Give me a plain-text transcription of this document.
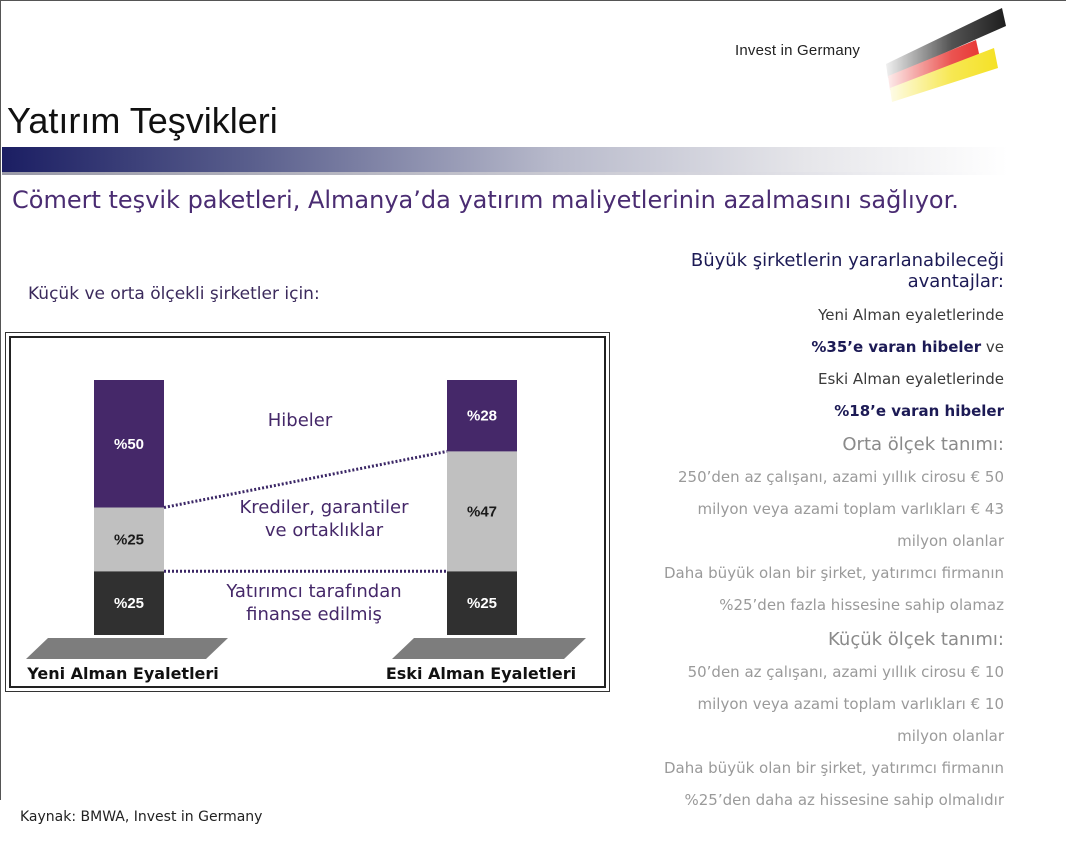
Invest in Germany
Yatırım Teşvikleri
Cömert teşvik paketleri, Almanya’da yatırım maliyetlerinin azalmasını sağlıyor.
Küçük ve orta ölçekli şirketler için:
%25
%25
%50
%25
%47
%28
Yeni Alman Eyaletleri	Eski Alman Eyaletleri
Hibeler
Krediler, garantiler
ve ortaklıklar
Yatırımcı tarafından
finanse edilmiş
Kaynak: BMWA, Invest in Germany
Büyük şirketlerin yararlanabileceği
avantajlar:
Yeni Alman eyaletlerinde
%35’e varan hibeler ve
Eski Alman eyaletlerinde
%18’e varan hibeler
Orta ölçek tanımı:
250’den az çalışanı, azami yıllık cirosu € 50
milyon veya azami toplam varlıkları € 43
milyon olanlar
Daha büyük olan bir şirket, yatırımcı firmanın
%25’den fazla hissesine sahip olamaz
Küçük ölçek tanımı:
50’den az çalışanı, azami yıllık cirosu € 10
milyon veya azami toplam varlıkları € 10
milyon olanlar
Daha büyük olan bir şirket, yatırımcı firmanın
%25’den daha az hissesine sahip olmalıdır
